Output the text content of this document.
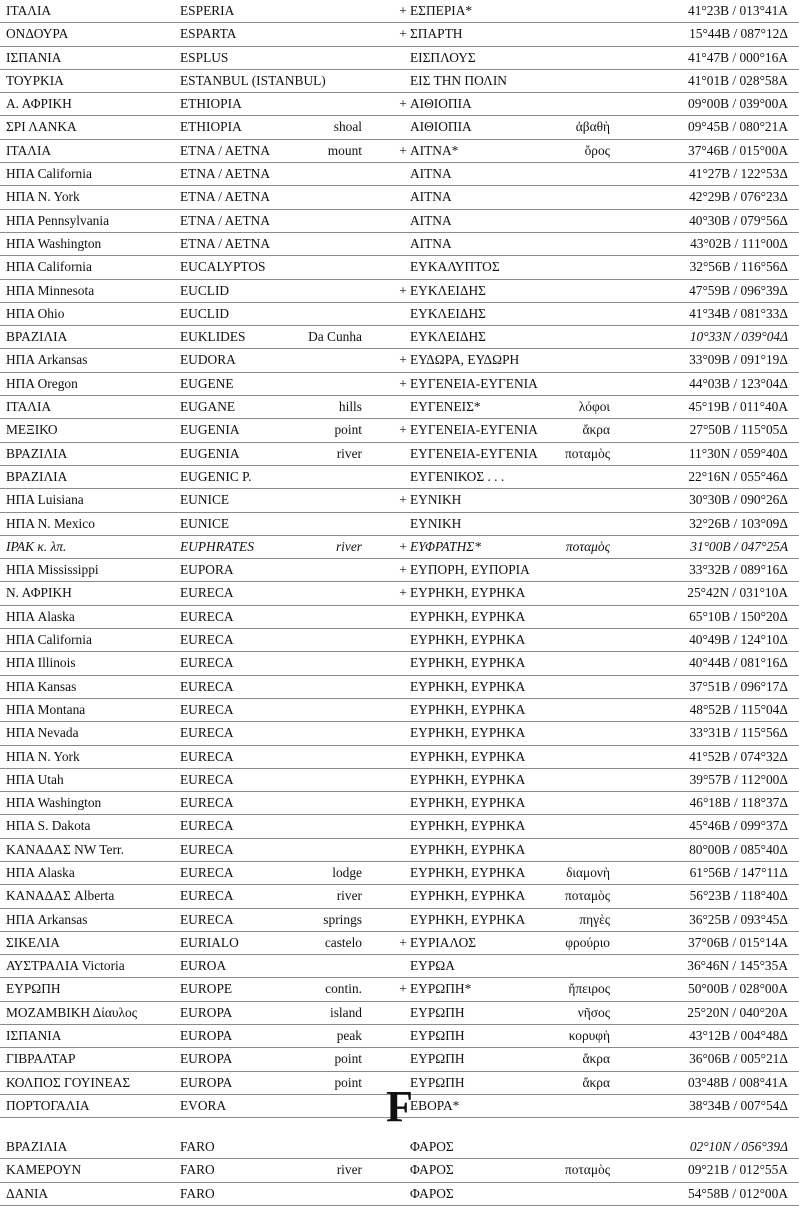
ΙΤΑΛΙΑ	ESPERIA	+ ΕΣΠΕΡΙΑ*	41°23Β / 013°41Α
ΟΝΔΟΥΡΑ	ESPARTA	+ ΣΠΑΡΤΗ	15°44Β / 087°12Δ
ΙΣΠΑΝΙΑ	ESPLUS	ΕΙΣΠΛΟΥΣ	41°47Β / 000°16Α
ΤΟΥΡΚΙΑ	ESTANBUL (ISTANBUL)	ΕΙΣ ΤΗΝ ΠΟΛΙΝ	41°01Β / 028°58Α
Α. ΑΦΡΙΚΗ	ETHIOPIA	+ ΑΙΘΙΟΠΙΑ	09°00Β / 039°00Α
ΣΡΙ ΛΑΝΚΑ	ETHIOPIA	shoal	ΑΙΘΙΟΠΙΑ	ἀβαθὴ	09°45Β / 080°21Α
ΙΤΑΛΙΑ	ETNA / AETNA	mount	+ ΑΙΤΝΑ*	ὄρος	37°46Β / 015°00Α
ΗΠΑ California	ETNA / AETNA	ΑΙΤΝΑ	41°27Β / 122°53Δ
ΗΠΑ N. York	ETNA / AETNA	ΑΙΤΝΑ	42°29Β / 076°23Δ
ΗΠΑ Pennsylvania	ETNA / AETNA	ΑΙΤΝΑ	40°30Β / 079°56Δ
ΗΠΑ Washington	ETNA / AETNA	ΑΙΤΝΑ	43°02Β / 111°00Δ
ΗΠΑ California	EUCALYPTOS	ΕΥΚΑΛΥΠΤΟΣ	32°56Β / 116°56Δ
ΗΠΑ Minnesota	EUCLID	+ ΕΥΚΛΕΙΔΗΣ	47°59Β / 096°39Δ
ΗΠΑ Ohio	EUCLID	ΕΥΚΛΕΙΔΗΣ	41°34Β / 081°33Δ
ΒΡΑΖΙΛΙΑ	EUKLIDES	Da Cunha	ΕΥΚΛΕΙΔΗΣ	10°33Ν / 039°04Δ
ΗΠΑ Arkansas	EUDORA	+ ΕΥΔΩΡΑ, ΕΥΔΩΡΗ	33°09Β / 091°19Δ
ΗΠΑ Oregon	EUGENE	+ ΕΥΓΕΝΕΙΑ-ΕΥΓΕΝΙΑ	44°03Β / 123°04Δ
ΙΤΑΛΙΑ	EUGANE	hills	ΕΥΓΕΝΕΙΣ*	λόφοι	45°19Β / 011°40Α
ΜΕΞΙΚΟ	EUGENIA	point	+ ΕΥΓΕΝΕΙΑ-ΕΥΓΕΝΙΑ	ἄκρα	27°50Β / 115°05Δ
ΒΡΑΖΙΛΙΑ	EUGENIA	river	ΕΥΓΕΝΕΙΑ-ΕΥΓΕΝΙΑ	ποταμὸς	11°30Ν / 059°40Δ
ΒΡΑΖΙΛΙΑ	EUGENIC P.	ΕΥΓΕΝΙΚΟΣ . . .	22°16Ν / 055°46Δ
ΗΠΑ Luisiana	EUNICE	+ ΕΥΝΙΚΗ	30°30Β / 090°26Δ
ΗΠΑ N. Mexico	EUNICE	ΕΥΝΙΚΗ	32°26Β / 103°09Δ
ΙΡΑΚ κ. λπ.	EUPHRATES	river	+ ΕΥΦΡΑΤΗΣ*	ποταμὸς	31°00Β / 047°25Α
ΗΠΑ Mississippi	EUPORA	+ ΕΥΠΟΡΗ, ΕΥΠΟΡΙΑ	33°32Β / 089°16Δ
Ν. ΑΦΡΙΚΗ	EURECA	+ ΕΥΡΗΚΗ, ΕΥΡΗΚΑ	25°42Ν / 031°10Α
ΗΠΑ Alaska	EURECA	ΕΥΡΗΚΗ, ΕΥΡΗΚΑ	65°10Β / 150°20Δ
ΗΠΑ California	EURECA	ΕΥΡΗΚΗ, ΕΥΡΗΚΑ	40°49Β / 124°10Δ
ΗΠΑ Illinois	EURECA	ΕΥΡΗΚΗ, ΕΥΡΗΚΑ	40°44Β / 081°16Δ
ΗΠΑ Kansas	EURECA	ΕΥΡΗΚΗ, ΕΥΡΗΚΑ	37°51Β / 096°17Δ
ΗΠΑ Montana	EURECA	ΕΥΡΗΚΗ, ΕΥΡΗΚΑ	48°52Β / 115°04Δ
ΗΠΑ Nevada	EURECA	ΕΥΡΗΚΗ, ΕΥΡΗΚΑ	33°31Β / 115°56Δ
ΗΠΑ N. York	EURECA	ΕΥΡΗΚΗ, ΕΥΡΗΚΑ	41°52Β / 074°32Δ
ΗΠΑ Utah	EURECA	ΕΥΡΗΚΗ, ΕΥΡΗΚΑ	39°57Β / 112°00Δ
ΗΠΑ Washington	EURECA	ΕΥΡΗΚΗ, ΕΥΡΗΚΑ	46°18Β / 118°37Δ
ΗΠΑ S. Dakota	EURECA	ΕΥΡΗΚΗ, ΕΥΡΗΚΑ	45°46Β / 099°37Δ
ΚΑΝΑΔΑΣ NW Terr.	EURECA	ΕΥΡΗΚΗ, ΕΥΡΗΚΑ	80°00Β / 085°40Δ
ΗΠΑ Alaska	EURECA	lodge	ΕΥΡΗΚΗ, ΕΥΡΗΚΑ	διαμονὴ	61°56Β / 147°11Δ
ΚΑΝΑΔΑΣ Alberta	EURECA	river	ΕΥΡΗΚΗ, ΕΥΡΗΚΑ	ποταμὸς	56°23Β / 118°40Δ
ΗΠΑ Arkansas	EURECA	springs	ΕΥΡΗΚΗ, ΕΥΡΗΚΑ	πηγὲς	36°25Β / 093°45Δ
ΣΙΚΕΛΙΑ	EURIALO	castelo	+ ΕΥΡΙΑΛΟΣ	φρούριο	37°06Β / 015°14Α
ΑΥΣΤΡΑΛΙΑ Victoria	EUROA	ΕΥΡΩΑ	36°46Ν / 145°35Α
ΕΥΡΩΠΗ	EUROPE	contin.	+ ΕΥΡΩΠΗ*	ἤπειρος	50°00Β / 028°00Α
ΜΟΖΑΜΒΙΚΗ Δίαυλος	EUROPA	island	ΕΥΡΩΠΗ	νῆσος	25°20Ν / 040°20Α
ΙΣΠΑΝΙΑ	EUROPA	peak	ΕΥΡΩΠΗ	κορυφὴ	43°12Β / 004°48Δ
ΓΙΒΡΑΛΤΑΡ	EUROPA	point	ΕΥΡΩΠΗ	ἄκρα	36°06Β / 005°21Δ
ΚΟΛΠΟΣ ΓΟΥΙΝΕΑΣ	EUROPA	point	ΕΥΡΩΠΗ	ἄκρα	03°48Β / 008°41Α
ΠΟΡΤΟΓΑΛΙΑ	EVORA	ΕΒΟΡΑ*	38°34Β / 007°54Δ
F
ΒΡΑΖΙΛΙΑ	FARO	ΦΑΡΟΣ	02°10Ν / 056°39Δ
ΚΑΜΕΡΟΥΝ	FARO	river	ΦΑΡΟΣ	ποταμὸς	09°21Β / 012°55Α
ΔΑΝΙΑ	FARO	ΦΑΡΟΣ	54°58Β / 012°00Α
